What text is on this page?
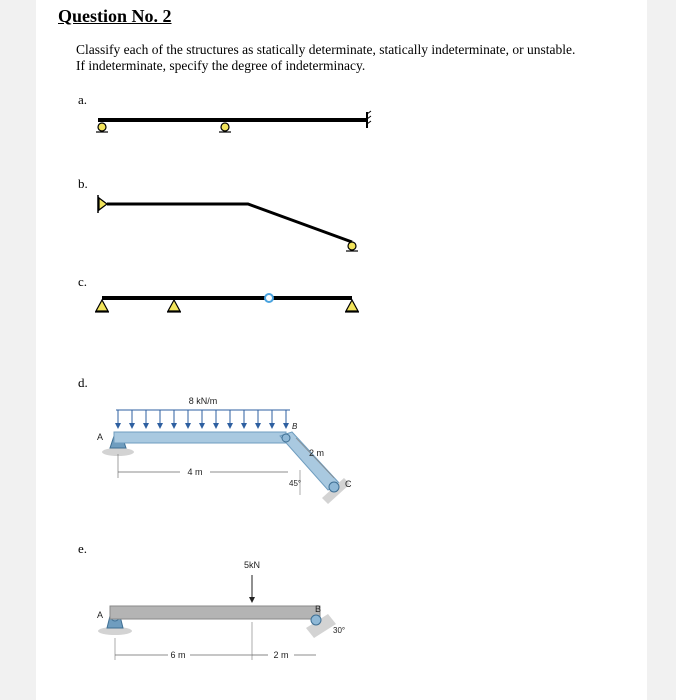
Question No. 2
Classify each of the structures as statically determinate, statically indeterminate, or unstable.
If indeterminate, specify the degree of indeterminacy.
a.
b.
c.
d.
e.
8 kN/m
A
B
C
4 m
2 m
45°
5kN
A
B
30°
6 m	2 m
